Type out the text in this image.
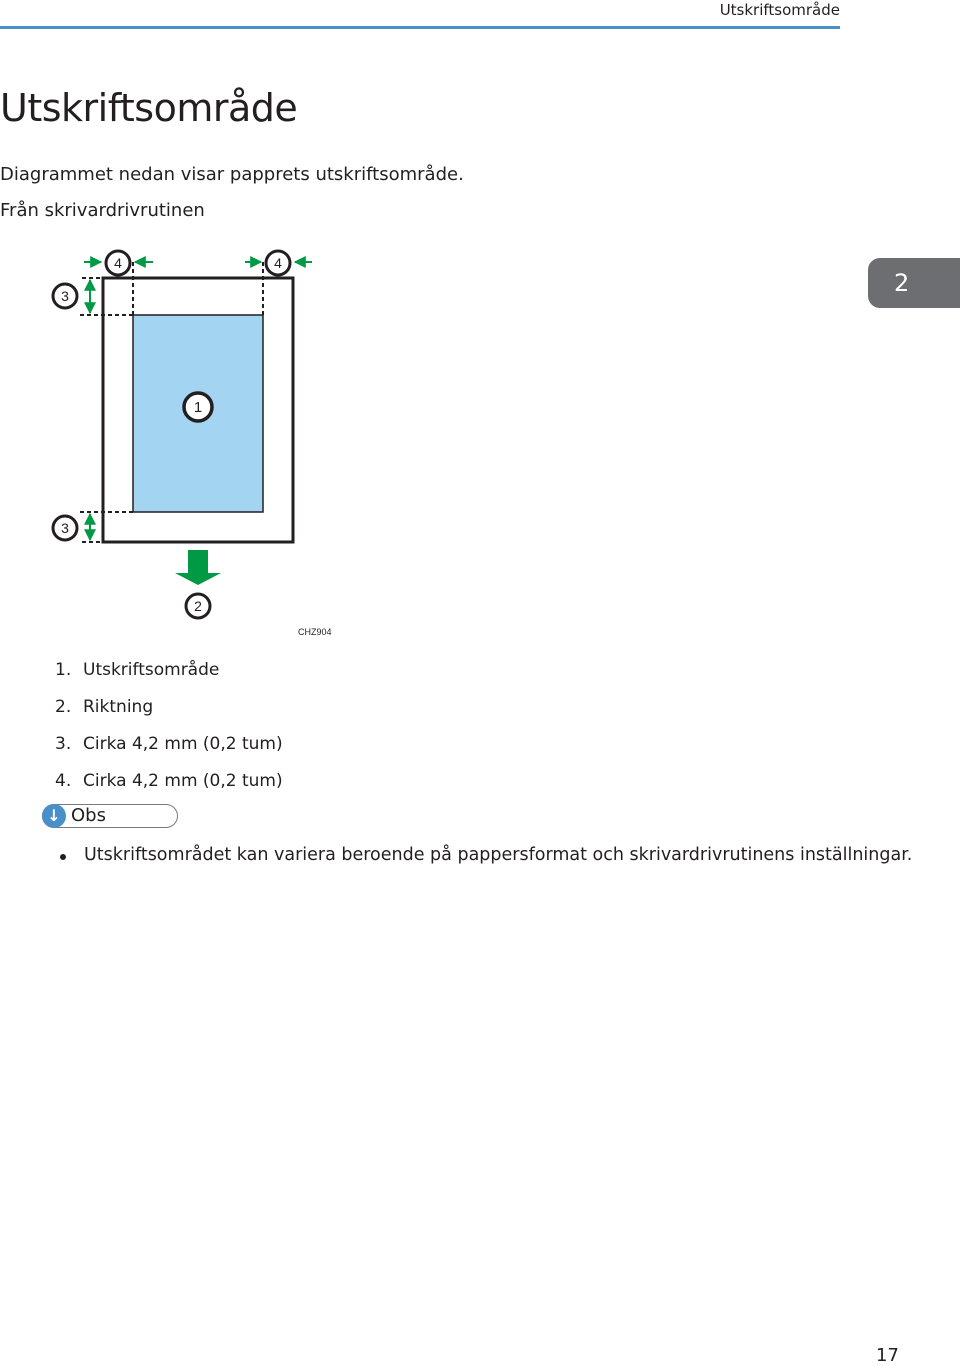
Utskriftsområde
Utskriftsområde
Diagrammet nedan visar papprets utskriftsområde.
Från skrivardrivrutinen
2
4	4
3
3
1
2
CHZ904
1. Utskriftsområde
2. Riktning
3. Cirka 4,2 mm (0,2 tum)
4. Cirka 4,2 mm (0,2 tum)
↓ Obs
Utskriftsområdet kan variera beroende på pappersformat och skrivardrivrutinens inställningar.
17
